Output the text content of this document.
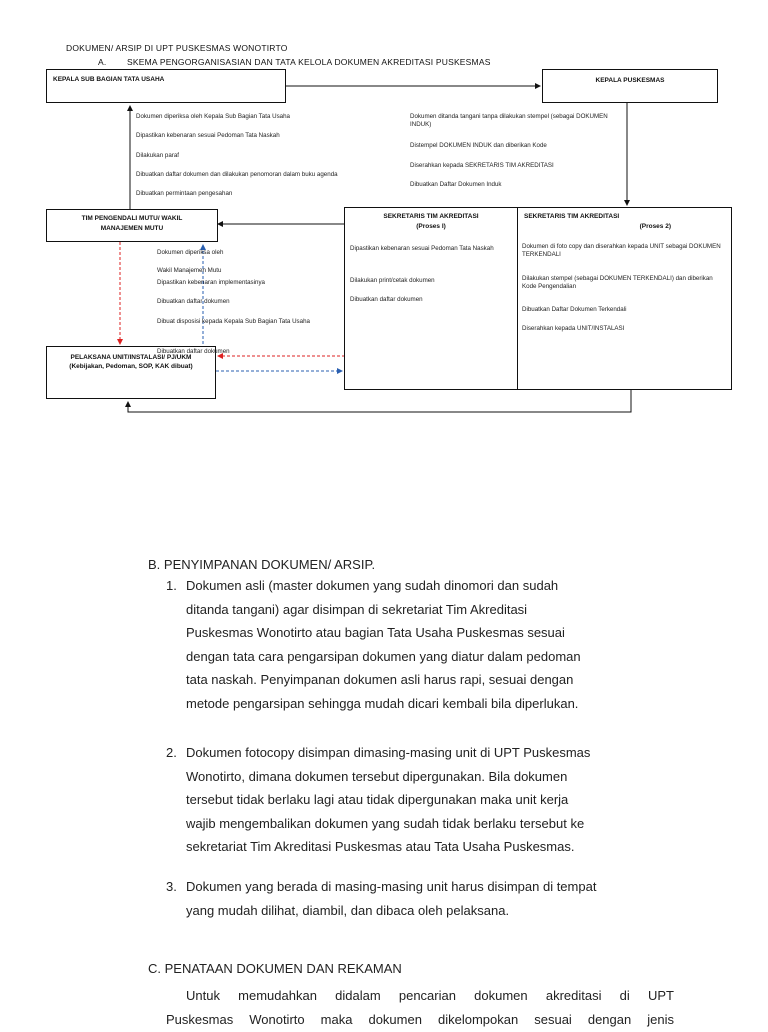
DOKUMEN/ ARSIP DI UPT PUSKESMAS WONOTIRTO
A. SKEMA PENGORGANISASIAN DAN TATA KELOLA DOKUMEN AKREDITASI PUSKESMAS
KEPALA SUB BAGIAN TATA USAHA	KEPALA PUSKESMAS
TIM PENGENDALI MUTU/ WAKIL
MANAJEMEN MUTU
SEKRETARIS TIM AKREDITASI
(Proses I)
SEKRETARIS TIM AKREDITASI
(Proses 2)
PELAKSANA UNIT/INSTALASI/ PJ/UKM
(Kebijakan, Pedoman, SOP, KAK dibuat)
Dokumen diperiksa oleh Kepala Sub Bagian Tata Usaha
Dipastikan kebenaran sesuai Pedoman Tata Naskah
Dilakukan paraf
Dibuatkan daftar dokumen dan dilakukan penomoran dalam buku agenda
Dibuatkan permintaan pengesahan
Dokumen ditanda tangani tanpa dilakukan stempel (sebagai DOKUMEN INDUK)
Distempel DOKUMEN INDUK dan diberikan Kode
Diserahkan kepada SEKRETARIS TIM AKREDITASI
Dibuatkan Daftar Dokumen Induk
Dokumen diperiksa oleh
Wakil Manajemen Mutu
Dipastikan kebenaran implementasinya
Dibuatkan daftar dokumen
Dibuat disposisi kepada Kepala Sub Bagian Tata Usaha
Dibuatkan daftar dokumen
Dipastikan kebenaran sesuai Pedoman Tata Naskah
Dilakukan print/cetak dokumen
Dibuatkan daftar dokumen
Dokumen di foto copy dan diserahkan kepada UNIT sebagai DOKUMEN TERKENDALI
Dilakukan stempel (sebagai DOKUMEN TERKENDALI) dan diberikan Kode Pengendalian
Dibuatkan Daftar Dokumen Terkendali
Diserahkan kepada UNIT/INSTALASI
B. PENYIMPANAN DOKUMEN/ ARSIP.
1. Dokumen asli (master dokumen yang sudah dinomori dan sudah
ditanda tangani) agar disimpan di sekretariat Tim Akreditasi
Puskesmas Wonotirto atau bagian Tata Usaha Puskesmas sesuai
dengan tata cara pengarsipan dokumen yang diatur dalam pedoman
tata naskah. Penyimpanan dokumen asli harus rapi, sesuai dengan
metode pengarsipan sehingga mudah dicari kembali bila diperlukan.
2. Dokumen fotocopy disimpan dimasing-masing unit di UPT Puskesmas
Wonotirto, dimana dokumen tersebut dipergunakan. Bila dokumen
tersebut tidak berlaku lagi atau tidak dipergunakan maka unit kerja
wajib mengembalikan dokumen yang sudah tidak berlaku tersebut ke
sekretariat Tim Akreditasi Puskesmas atau Tata Usaha Puskesmas.
3. Dokumen yang berada di masing-masing unit harus disimpan di tempat
yang mudah dilihat, diambil, dan dibaca oleh pelaksana.
C. PENATAAN DOKUMEN DAN REKAMAN
Untuk memudahkan didalam pencarian dokumen akreditasi di UPT
Puskesmas Wonotirto maka dokumen dikelompokan sesuai dengan jenis
